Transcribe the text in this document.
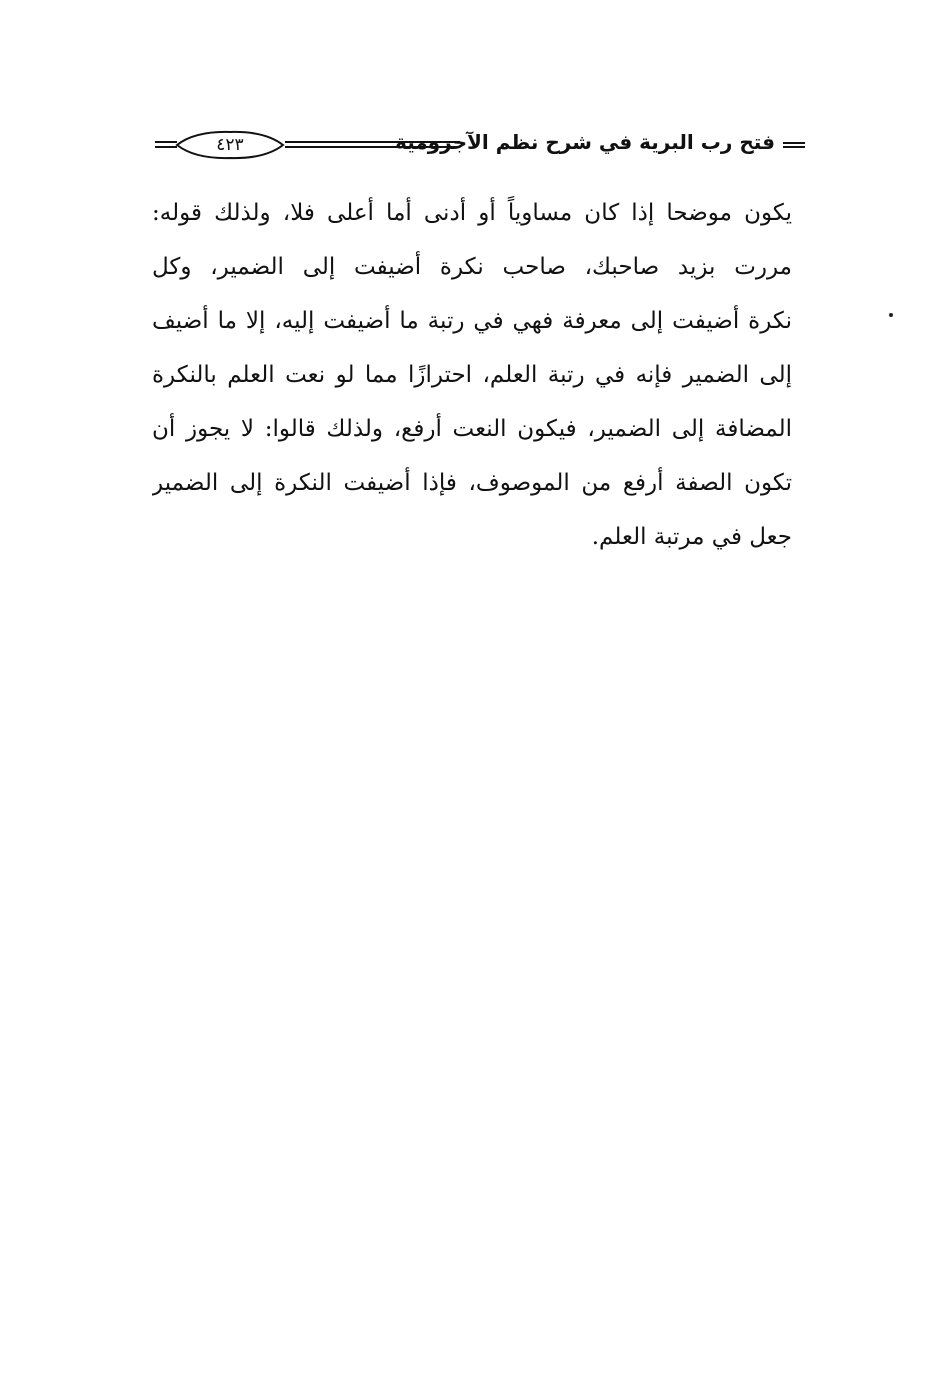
فتح رب البرية في شرح نظم الآجرومية
٤٢٣
يكون موضحا إذا كان مساوياً أو أدنى أما أعلى فلا، ولذلك قوله:
مررت بزيد صاحبك، صاحب نكرة أضيفت إلى الضمير، وكل
نكرة أضيفت إلى معرفة فهي في رتبة ما أضيفت إليه، إلا ما أضيف
إلى الضمير فإنه في رتبة العلم، احترازًا مما لو نعت العلم بالنكرة
المضافة إلى الضمير، فيكون النعت أرفع، ولذلك قالوا: لا يجوز أن
تكون الصفة أرفع من الموصوف، فإذا أضيفت النكرة إلى الضمير
جعل في مرتبة العلم.
